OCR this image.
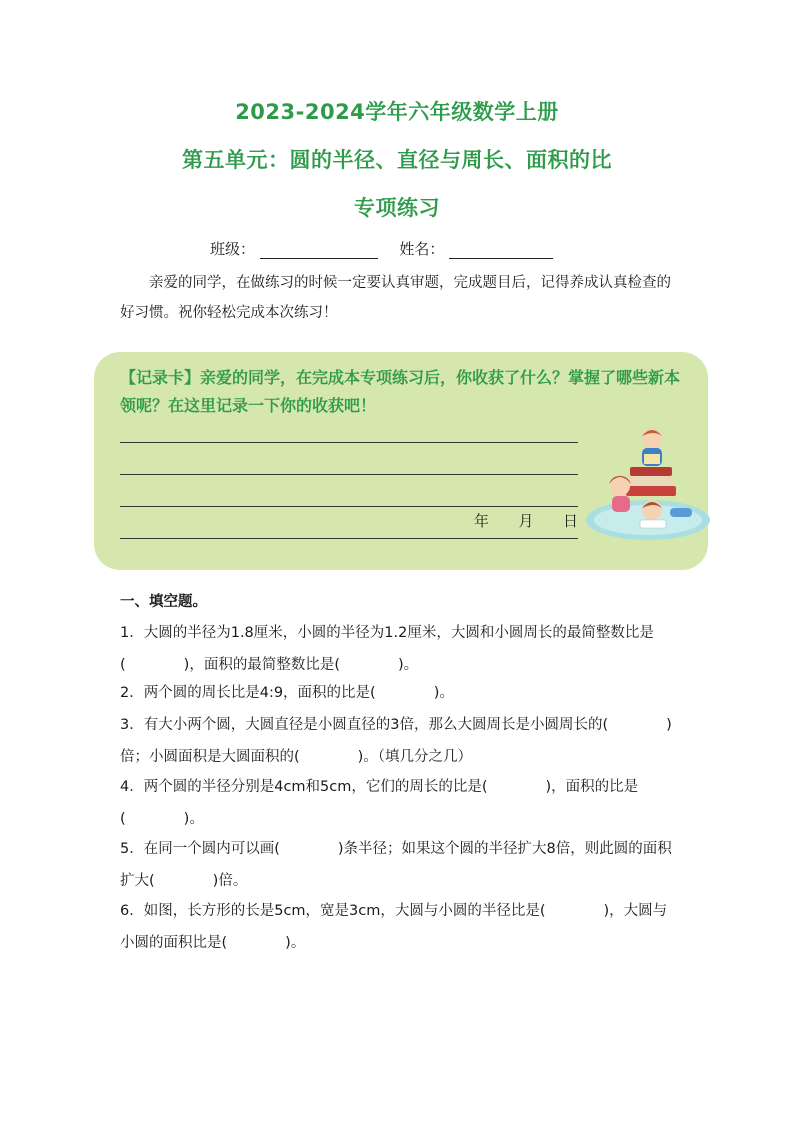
2023-2024学年六年级数学上册
第五单元：圆的半径、直径与周长、面积的比
专项练习
班级：	姓名：
亲爱的同学，在做练习的时候一定要认真审题，完成题目后，记得养成认真检查的好习惯。祝你轻松完成本次练习！
【记录卡】亲爱的同学，在完成本专项练习后，你收获了什么？掌握了哪些新本领呢？在这里记录一下你的收获吧！
年 月 日
一、填空题。
1．大圆的半径为1.8厘米，小圆的半径为1.2厘米，大圆和小圆周长的最简整数比是(　　　　)，面积的最简整数比是(　　　　)。
2．两个圆的周长比是4:9，面积的比是(　　　　)。
3．有大小两个圆，大圆直径是小圆直径的3倍，那么大圆周长是小圆周长的(　　　　)倍；小圆面积是大圆面积的(　　　　)。（填几分之几）
4．两个圆的半径分别是4cm和5cm，它们的周长的比是(　　　　)，面积的比是(　　　　)。
5．在同一个圆内可以画(　　　　)条半径；如果这个圆的半径扩大8倍，则此圆的面积扩大(　　　　)倍。
6．如图，长方形的长是5cm，宽是3cm，大圆与小圆的半径比是(　　　　)，大圆与小圆的面积比是(　　　　)。
